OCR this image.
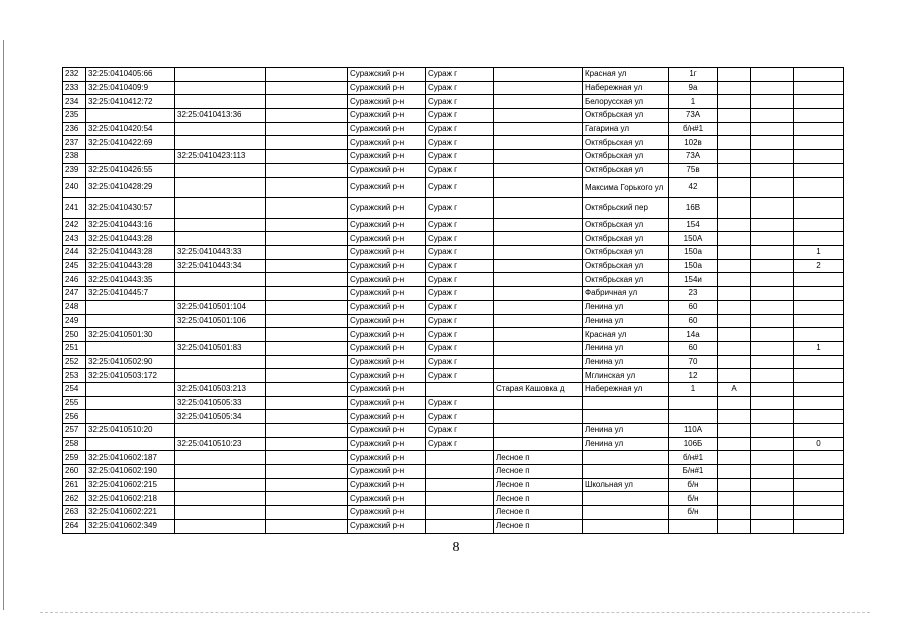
232	32:25:0410405:66			Суражский р-н	Сураж г		Красная ул	1г			
233	32:25:0410409:9			Суражский р-н	Сураж г		Набережная ул	9а			
234	32:25:0410412:72			Суражский р-н	Сураж г		Белорусская ул	1			
235		32:25:0410413:36		Суражский р-н	Сураж г		Октябрьская ул	73А			
236	32:25:0410420:54			Суражский р-н	Сураж г		Гагарина ул	б/н#1			
237	32:25:0410422:69			Суражский р-н	Сураж г		Октябрьская ул	102в			
238		32:25:0410423:113		Суражский р-н	Сураж г		Октябрьская ул	73А			
239	32:25:0410426:55			Суражский р-н	Сураж г		Октябрьская ул	75в			
240	32:25:0410428:29			Суражский р-н	Сураж г		Максима Горького ул	42			
241	32:25:0410430:57			Суражский р-н	Сураж г		Октябрьский пер	16В			
242	32:25:0410443:16			Суражский р-н	Сураж г		Октябрьская ул	154			
243	32:25:0410443:28			Суражский р-н	Сураж г		Октябрьская ул	150А			
244	32:25:0410443:28	32:25:0410443:33		Суражский р-н	Сураж г		Октябрьская ул	150а			1
245	32:25:0410443:28	32:25:0410443:34		Суражский р-н	Сураж г		Октябрьская ул	150а			2
246	32:25:0410443:35			Суражский р-н	Сураж г		Октябрьская ул	154и			
247	32:25:0410445:7			Суражский р-н	Сураж г		Фабричная ул	23			
248		32:25:0410501:104		Суражский р-н	Сураж г		Ленина ул	60			
249		32:25:0410501:106		Суражский р-н	Сураж г		Ленина ул	60			
250	32:25:0410501:30			Суражский р-н	Сураж г		Красная ул	14а			
251		32:25:0410501:83		Суражский р-н	Сураж г		Ленина ул	60			1
252	32:25:0410502:90			Суражский р-н	Сураж г		Ленина ул	70			
253	32:25:0410503:172			Суражский р-н	Сураж г		Мглинская ул	12			
254		32:25:0410503:213		Суражский р-н		Старая Кашовка д	Набережная ул	1	А		
255		32:25:0410505:33		Суражский р-н	Сураж г						
256		32:25:0410505:34		Суражский р-н	Сураж г						
257	32:25:0410510:20			Суражский р-н	Сураж г		Ленина ул	110А			
258		32:25:0410510:23		Суражский р-н	Сураж г		Ленина ул	106Б			0
259	32:25:0410602:187			Суражский р-н		Лесное п		б/н#1			
260	32:25:0410602:190			Суражский р-н		Лесное п		Б/н#1			
261	32:25:0410602:215			Суражский р-н		Лесное п	Школьная ул	б/н			
262	32:25:0410602:218			Суражский р-н		Лесное п		б/н			
263	32:25:0410602:221			Суражский р-н		Лесное п		б/н			
264	32:25:0410602:349			Суражский р-н		Лесное п					
8
